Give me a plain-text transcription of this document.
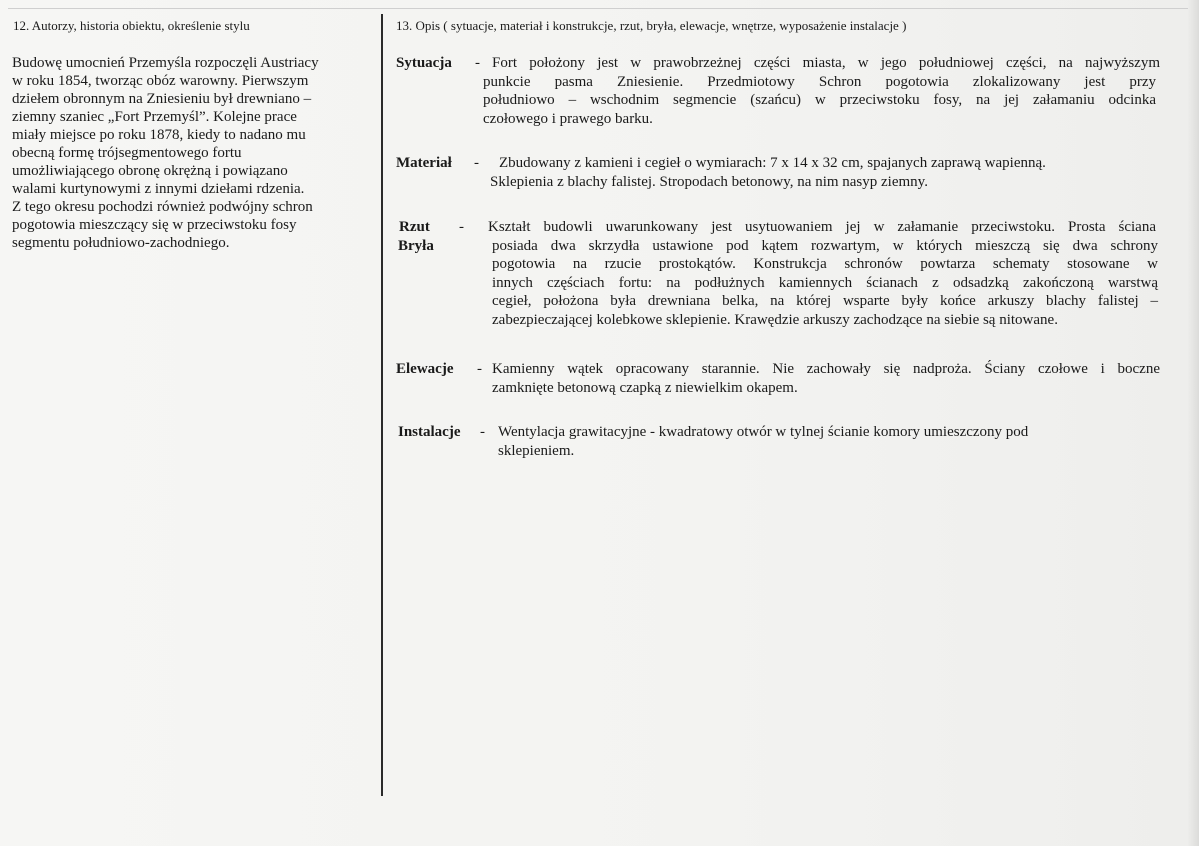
12. Autorzy, historia obiektu, określenie stylu	13. Opis ( sytuacje, materiał i konstrukcje, rzut, bryła, elewacje, wnętrze, wyposażenie instalacje )
Budowę umocnień Przemyśla rozpoczęli Austriacy
w roku 1854, tworząc obóz warowny. Pierwszym
dziełem obronnym na Zniesieniu był drewniano –
ziemny szaniec „Fort Przemyśl”. Kolejne prace
miały miejsce po roku 1878, kiedy to nadano mu
obecną formę trójsegmentowego fortu
umożliwiającego obronę okrężną i powiązano
walami kurtynowymi z innymi dziełami rdzenia.
Z tego okresu pochodzi również podwójny schron
pogotowia mieszczący się w przeciwstoku fosy
segmentu południowo-zachodniego.
Sytuacja - Fort położony jest w prawobrzeżnej części miasta, w jego południowej części, na najwyższym
punkcie pasma Zniesienie. Przedmiotowy Schron pogotowia zlokalizowany jest przy
południowo – wschodnim segmencie (szańcu) w przeciwstoku fosy, na jej załamaniu odcinka
czołowego i prawego barku.
Materiał - Zbudowany z kamieni i cegieł o wymiarach: 7 x 14 x 32 cm, spajanych zaprawą wapienną.
Sklepienia z blachy falistej. Stropodach betonowy, na nim nasyp ziemny.
Rzut
Bryła
- Kształt budowli uwarunkowany jest usytuowaniem jej w załamanie przeciwstoku. Prosta ściana
posiada dwa skrzydła ustawione pod kątem rozwartym, w których mieszczą się dwa schrony
pogotowia na rzucie prostokątów. Konstrukcja schronów powtarza schematy stosowane w
innych częściach fortu: na podłużnych kamiennych ścianach z odsadzką zakończoną warstwą
cegieł, położona była drewniana belka, na której wsparte były końce arkuszy blachy falistej –
zabezpieczającej kolebkowe sklepienie. Krawędzie arkuszy zachodzące na siebie są nitowane.
Elewacje - Kamienny wątek opracowany starannie. Nie zachowały się nadproża. Ściany czołowe i boczne
zamknięte betonową czapką z niewielkim okapem.
Instalacje - Wentylacja grawitacyjne - kwadratowy otwór w tylnej ścianie komory umieszczony pod
sklepieniem.
